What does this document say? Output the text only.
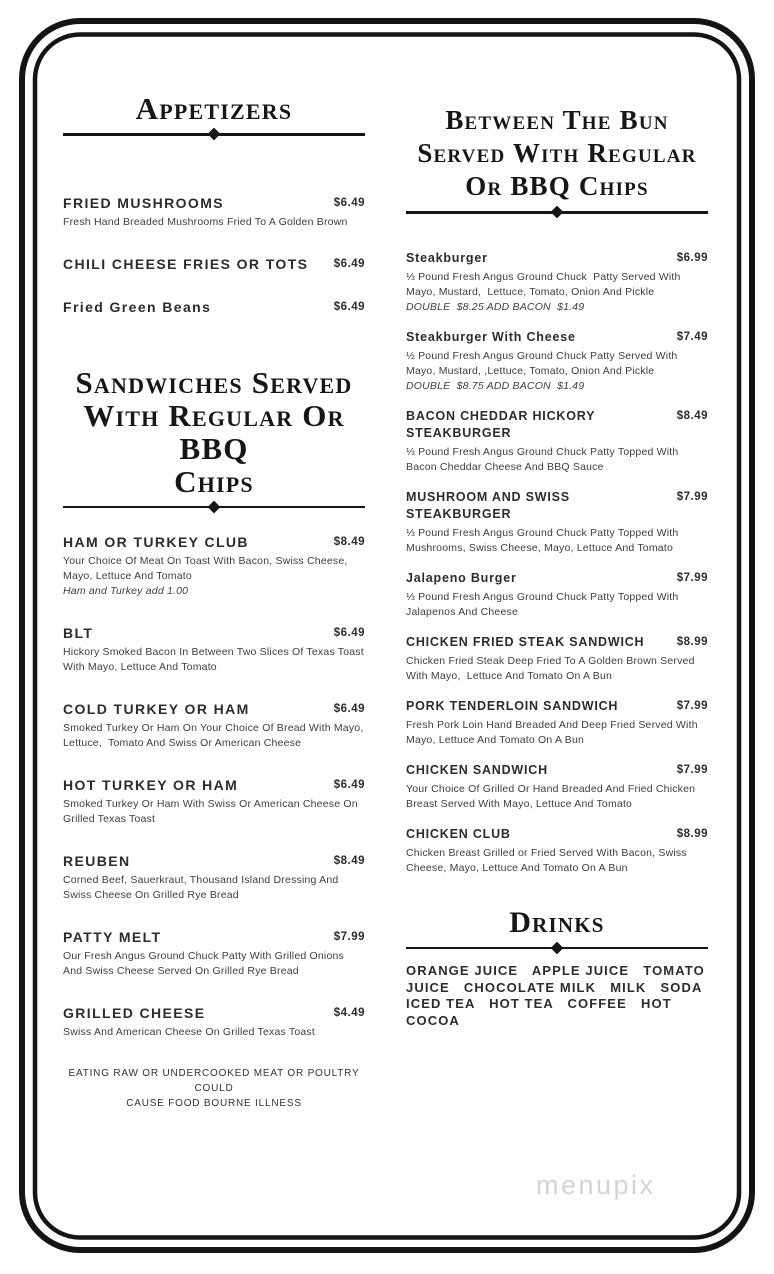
Appetizers
FRIED MUSHROOMS	$6.49
Fresh Hand Breaded Mushrooms Fried To A Golden Brown
CHILI CHEESE FRIES OR TOTS	$6.49
Fried Green Beans	$6.49
Sandwiches Served
With Regular Or BBQ
Chips
HAM OR TURKEY CLUB	$8.49
Your Choice Of Meat On Toast With Bacon, Swiss Cheese, Mayo, Lettuce And Tomato
Ham and Turkey add 1.00
BLT	$6.49
Hickory Smoked Bacon In Between Two Slices Of Texas Toast With Mayo, Lettuce And Tomato
COLD TURKEY OR HAM	$6.49
Smoked Turkey Or Ham On Your Choice Of Bread With Mayo, Lettuce,  Tomato And Swiss Or American Cheese
HOT TURKEY OR HAM	$6.49
Smoked Turkey Or Ham With Swiss Or American Cheese On Grilled Texas Toast
REUBEN	$8.49
Corned Beef, Sauerkraut, Thousand Island Dressing And Swiss Cheese On Grilled Rye Bread
PATTY MELT	$7.99
Our Fresh Angus Ground Chuck Patty With Grilled Onions And Swiss Cheese Served On Grilled Rye Bread
GRILLED CHEESE	$4.49
Swiss And American Cheese On Grilled Texas Toast
Between The Bun
Served With Regular
Or BBQ Chips
Steakburger	$6.99
⅓ Pound Fresh Angus Ground Chuck  Patty Served With Mayo, Mustard,  Lettuce, Tomato, Onion And Pickle
DOUBLE  $8.25 ADD BACON  $1.49
Steakburger With Cheese	$7.49
½ Pound Fresh Angus Ground Chuck Patty Served With Mayo, Mustard, ,Lettuce, Tomato, Onion And Pickle
DOUBLE  $8.75 ADD BACON  $1.49
BACON CHEDDAR HICKORY STEAKBURGER
$8.49
⅓ Pound Fresh Angus Ground Chuck Patty Topped With Bacon Cheddar Cheese And BBQ Sauce
MUSHROOM AND SWISS STEAKBURGER
$7.99
⅓ Pound Fresh Angus Ground Chuck Patty Topped With Mushrooms, Swiss Cheese, Mayo, Lettuce And Tomato
Jalapeno Burger	$7.99
⅓ Pound Fresh Angus Ground Chuck Patty Topped With Jalapenos And Cheese
CHICKEN FRIED STEAK SANDWICH	$8.99
Chicken Fried Steak Deep Fried To A Golden Brown Served With Mayo,  Lettuce And Tomato On A Bun
PORK TENDERLOIN SANDWICH	$7.99
Fresh Pork Loin Hand Breaded And Deep Fried Served With Mayo, Lettuce And Tomato On A Bun
CHICKEN SANDWICH	$7.99
Your Choice Of Grilled Or Hand Breaded And Fried Chicken Breast Served With Mayo, Lettuce And Tomato
CHICKEN CLUB	$8.99
Chicken Breast Grilled or Fried Served With Bacon, Swiss Cheese, Mayo, Lettuce And Tomato On A Bun
Drinks
ORANGE JUICE   APPLE JUICE   TOMATO JUICE   CHOCOLATE MILK   MILK   SODA   ICED TEA   HOT TEA   COFFEE   HOT COCOA
EATING RAW OR UNDERCOOKED MEAT OR POULTRY COULD
CAUSE FOOD BOURNE ILLNESS
menupix
